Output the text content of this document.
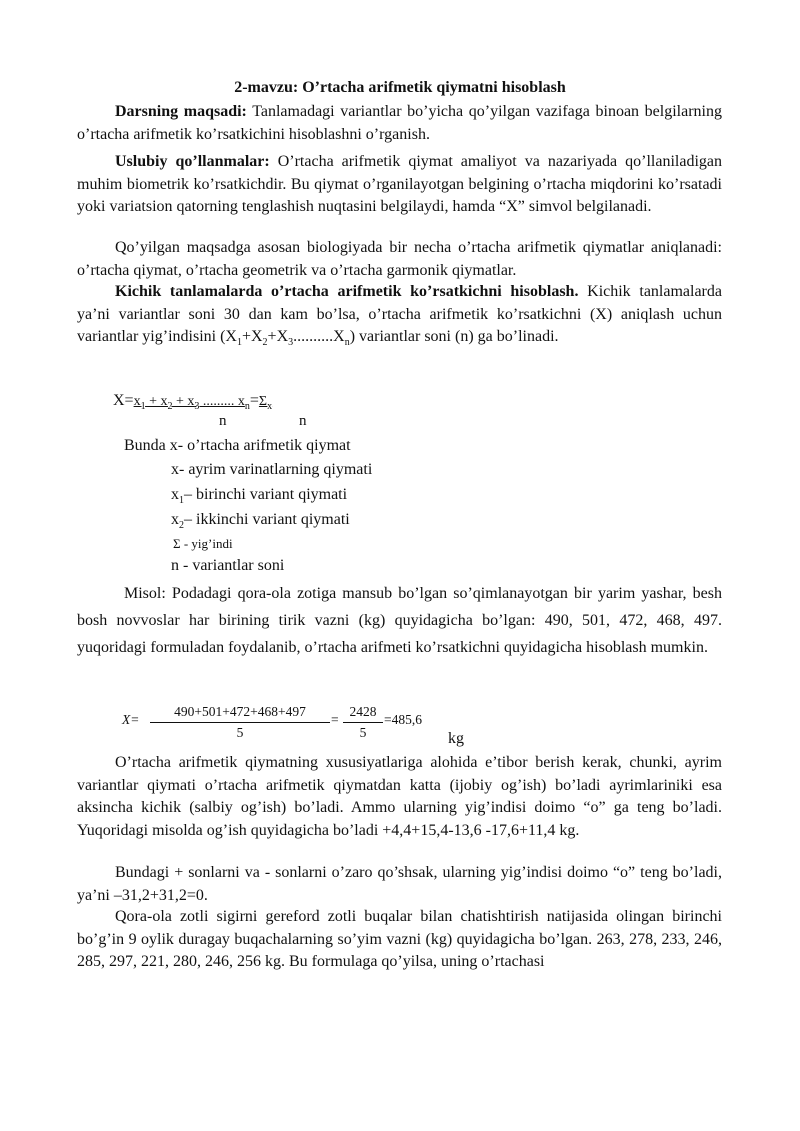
2-mavzu: O’rtacha arifmetik qiymatni hisoblash

Darsning maqsadi: Tanlamadagi variantlar bo’yicha qo’yilgan vazifaga binoan belgilarning o’rtacha arifmetik ko’rsatkichini hisoblashni o’rganish.

Uslubiy qo’llanmalar: O’rtacha arifmetik qiymat amaliyot va nazariyada qo’llaniladigan muhim biometrik ko’rsatkichdir. Bu qiymat o’rganilayotgan belgining o’rtacha miqdorini ko’rsatadi yoki variatsion qatorning tenglashish nuqtasini belgilaydi, hamda “X” simvol belgilanadi.

Qo’yilgan maqsadga asosan biologiyada bir necha o’rtacha arifmetik qiymatlar aniqlanadi: o’rtacha qiymat, o’rtacha geometrik va o’rtacha garmonik qiymatlar.

Kichik tanlamalarda o’rtacha arifmetik ko’rsatkichni hisoblash. Kichik tanlamalarda ya’ni variantlar soni 30 dan kam bo’lsa, o’rtacha arifmetik ko’rsatkichni (X) aniqlash uchun variantlar yig’indisini $(X_1+X_2+X_3..........X_n)$ variantlar soni (n) ga bo’linadi.

$X=x_1 + x_2 + x_3$ ......... $x_n=\Sigma_x$
n	n
Bunda x- o’rtacha arifmetik qiymat
x- ayrim varinatlarning qiymati
$x_1-$ birinchi variant qiymati
$x_2-$ ikkinchi variant qiymati
Σ - yig’indi
n - variantlar soni

Misol: Podadagi qora-ola zotiga mansub bo’lgan so’qimlanayotgan bir yarim yashar, besh bosh novvoslar har birining tirik vazni (kg) quyidagicha bo’lgan: 490, 501, 472, 468, 497. yuqoridagi formuladan foydalanib, o’rtacha arifmeti ko’rsatkichni quyidagicha hisoblash mumkin.

X=
490+501+472+468+497
5
=
2428
5
=485,6
kg

O’rtacha arifmetik qiymatning xususiyatlariga alohida e’tibor berish kerak, chunki, ayrim variantlar qiymati o’rtacha arifmetik qiymatdan katta (ijobiy og’ish) bo’ladi ayrimlariniki esa aksincha kichik (salbiy og’ish) bo’ladi. Ammo ularning yig’indisi doimo “o” ga teng bo’ladi. Yuqoridagi misolda og’ish quyidagicha bo’ladi +4,4+15,4-13,6 -17,6+11,4 kg.

Bundagi + sonlarni va - sonlarni o’zaro qo’shsak, ularning yig’indisi doimo “o” teng bo’ladi, ya’ni –31,2+31,2=0.

Qora-ola zotli sigirni gereford zotli buqalar bilan chatishtirish natijasida olingan birinchi bo’g’in 9 oylik duragay buqachalarning so’yim vazni (kg) quyidagicha bo’lgan. 263, 278, 233, 246, 285, 297, 221, 280, 246, 256 kg. Bu formulaga qo’yilsa, uning o’rtachasi
